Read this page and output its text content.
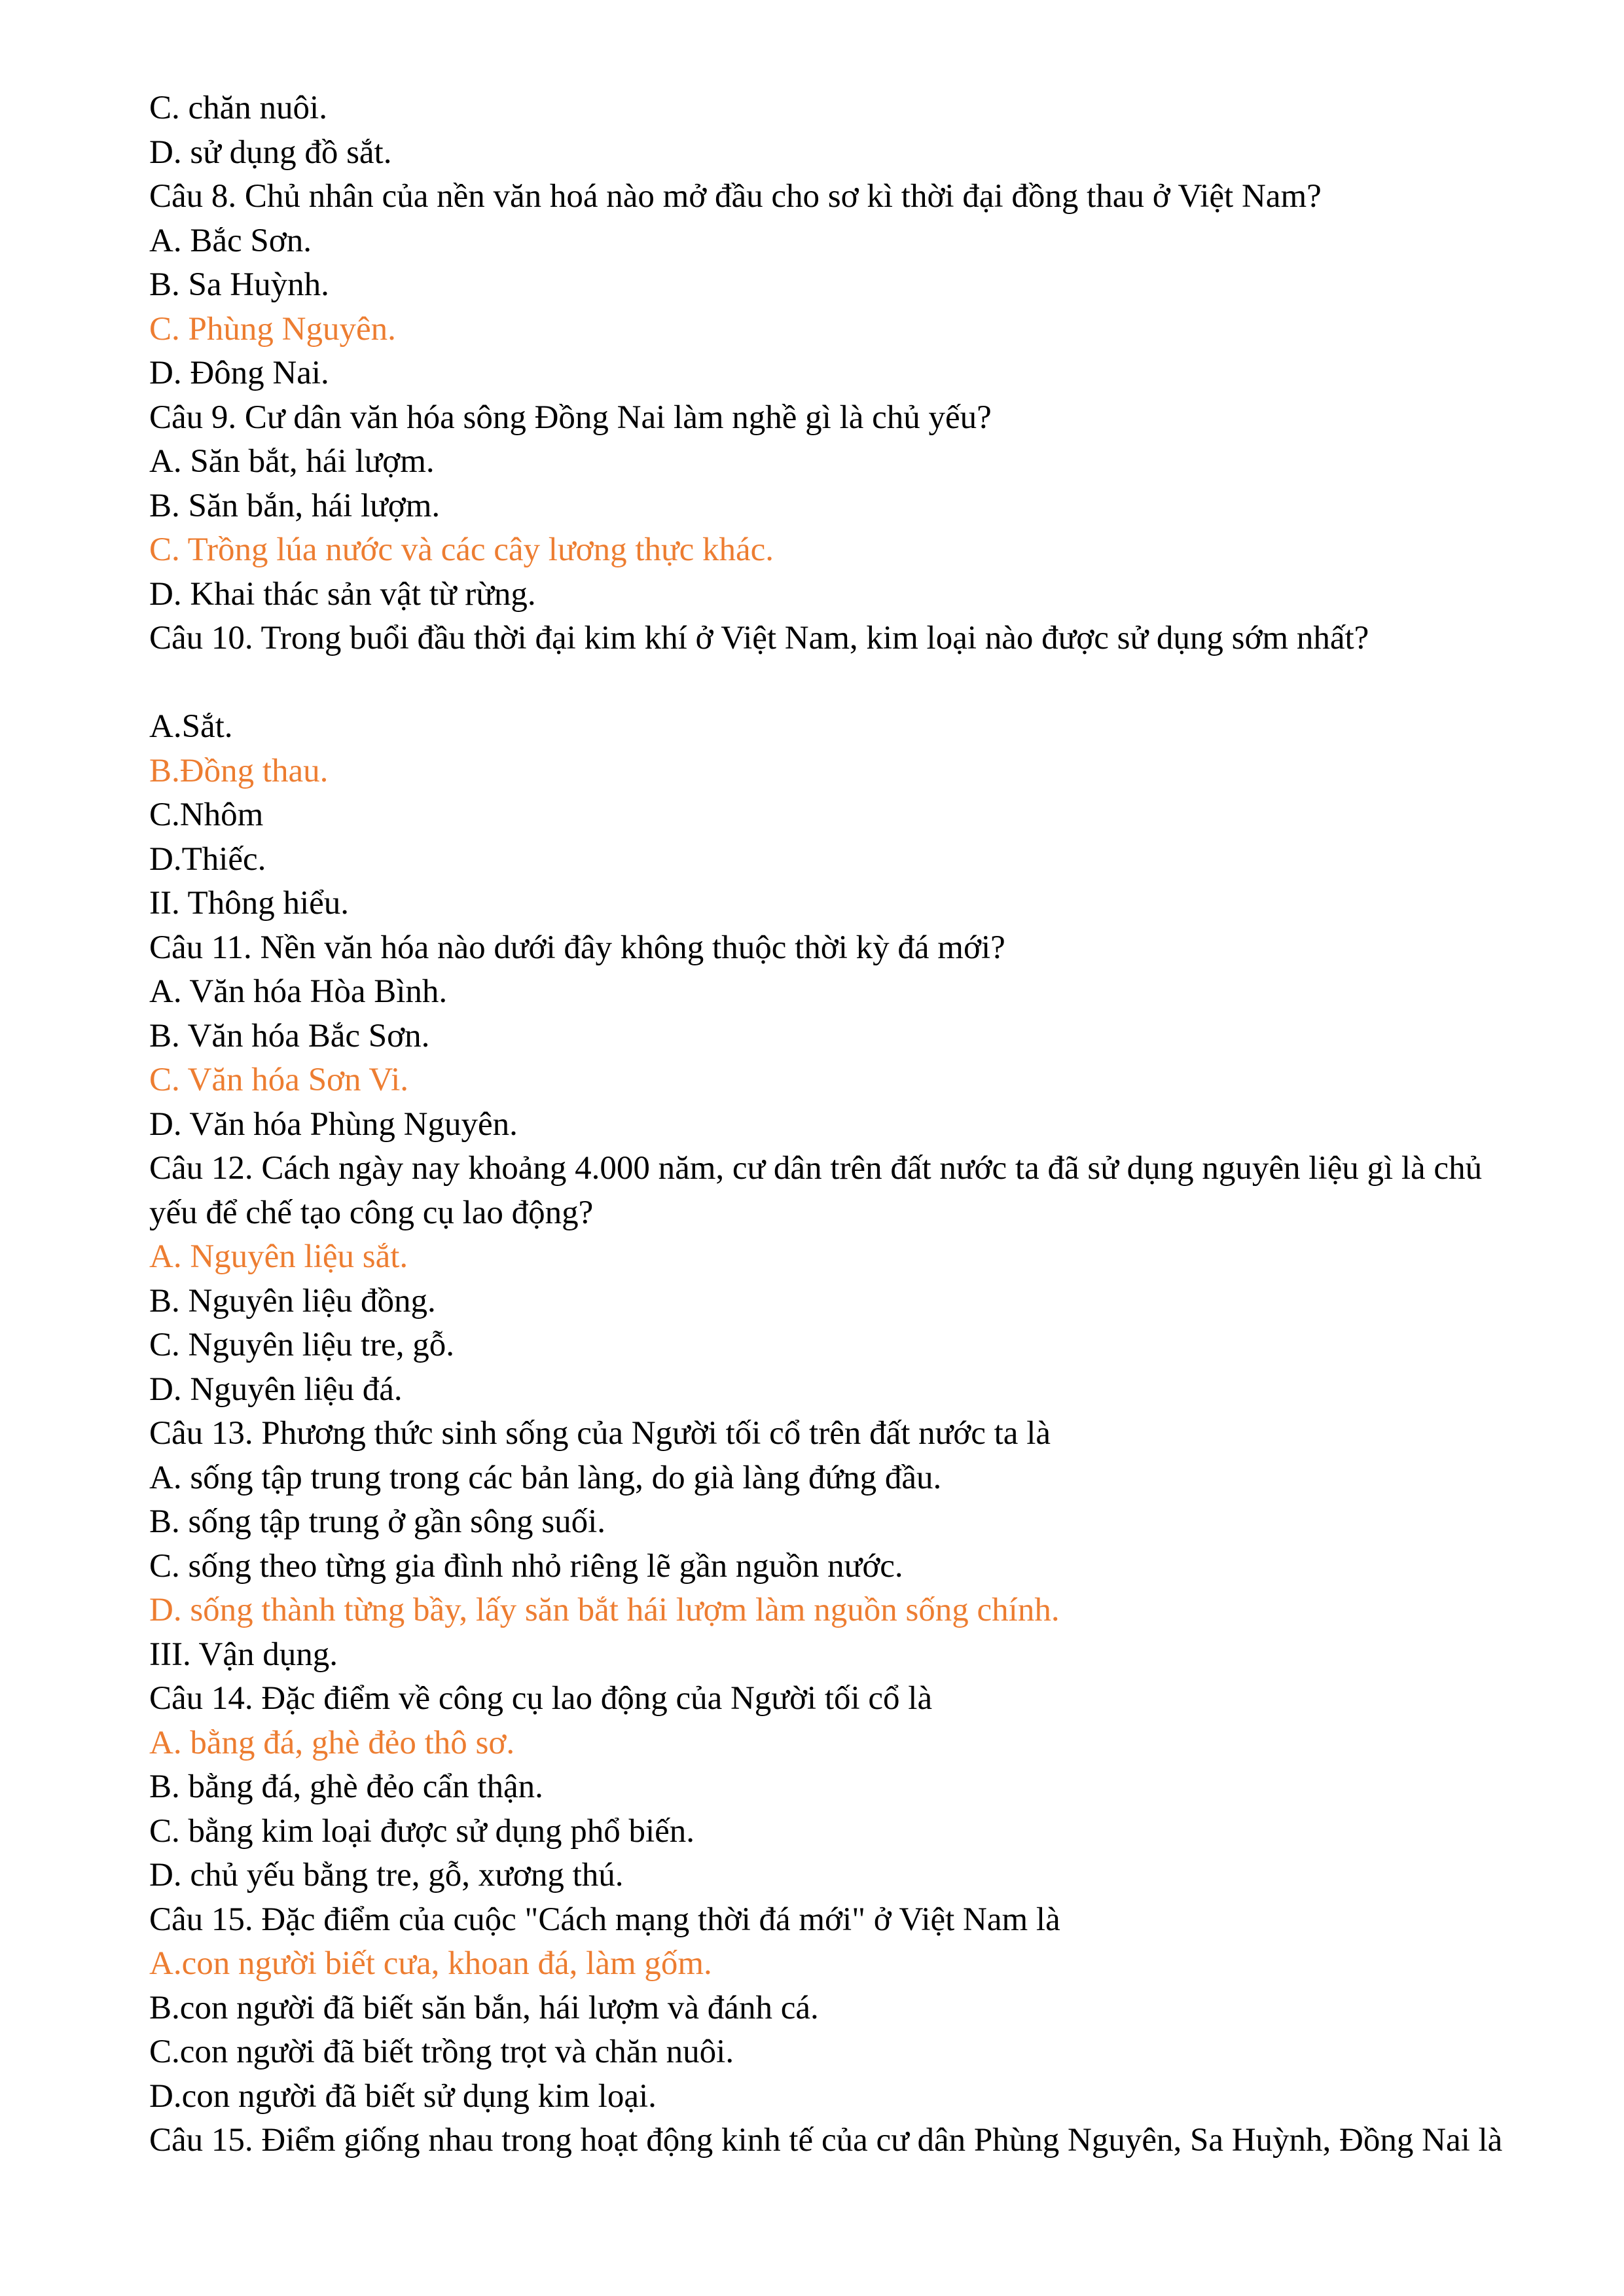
C. chăn nuôi.
D. sử dụng đồ sắt.
Câu 8. Chủ nhân của nền văn hoá nào mở đầu cho sơ kì thời đại đồng thau ở Việt Nam?
A. Bắc Sơn.
B. Sa Huỳnh.
C. Phùng Nguyên.
D. Đông Nai.
Câu 9. Cư dân văn hóa sông Đồng Nai làm nghề gì là chủ yếu?
A. Săn bắt, hái lượm.
B. Săn bắn, hái lượm.
C. Trồng lúa nước và các cây lương thực khác.
D. Khai thác sản vật từ rừng.
Câu 10. Trong buổi đầu thời đại kim khí ở Việt Nam, kim loại nào được sử dụng sớm nhất?
A.Sắt.
B.Đồng thau.
C.Nhôm
D.Thiếc.
II. Thông hiểu.
Câu 11. Nền văn hóa nào dưới đây không thuộc thời kỳ đá mới?
A. Văn hóa Hòa Bình.
B. Văn hóa Bắc Sơn.
C. Văn hóa Sơn Vi.
D. Văn hóa Phùng Nguyên.
Câu 12. Cách ngày nay khoảng 4.000 năm, cư dân trên đất nước ta đã sử dụng nguyên liệu gì là chủ yếu để chế tạo công cụ lao động?
A. Nguyên liệu sắt.
B. Nguyên liệu đồng.
C. Nguyên liệu tre, gỗ.
D. Nguyên liệu đá.
Câu 13. Phương thức sinh sống của Người tối cổ trên đất nước ta là
A. sống tập trung trong các bản làng, do già làng đứng đầu.
B. sống tập trung ở gần sông suối.
C. sống theo từng gia đình nhỏ riêng lẽ gần nguồn nước.
D. sống thành từng bầy, lấy săn bắt hái lượm làm nguồn sống chính.
III. Vận dụng.
Câu 14. Đặc điểm về công cụ lao động của Người tối cổ là
A. bằng đá, ghè đẻo thô sơ.
B. bằng đá, ghè đẻo cẩn thận.
C. bằng kim loại được sử dụng phổ biến.
D. chủ yếu bằng tre, gỗ, xương thú.
Câu 15. Đặc điểm của cuộc "Cách mạng thời đá mới" ở Việt Nam là
A.con người biết cưa, khoan đá, làm gốm.
B.con người đã biết săn bắn, hái lượm và đánh cá.
C.con người đã biết trồng trọt và chăn nuôi.
D.con người đã biết sử dụng kim loại.
Câu 15. Điểm giống nhau trong hoạt động kinh tế của cư dân Phùng Nguyên, Sa Huỳnh, Đồng Nai là
